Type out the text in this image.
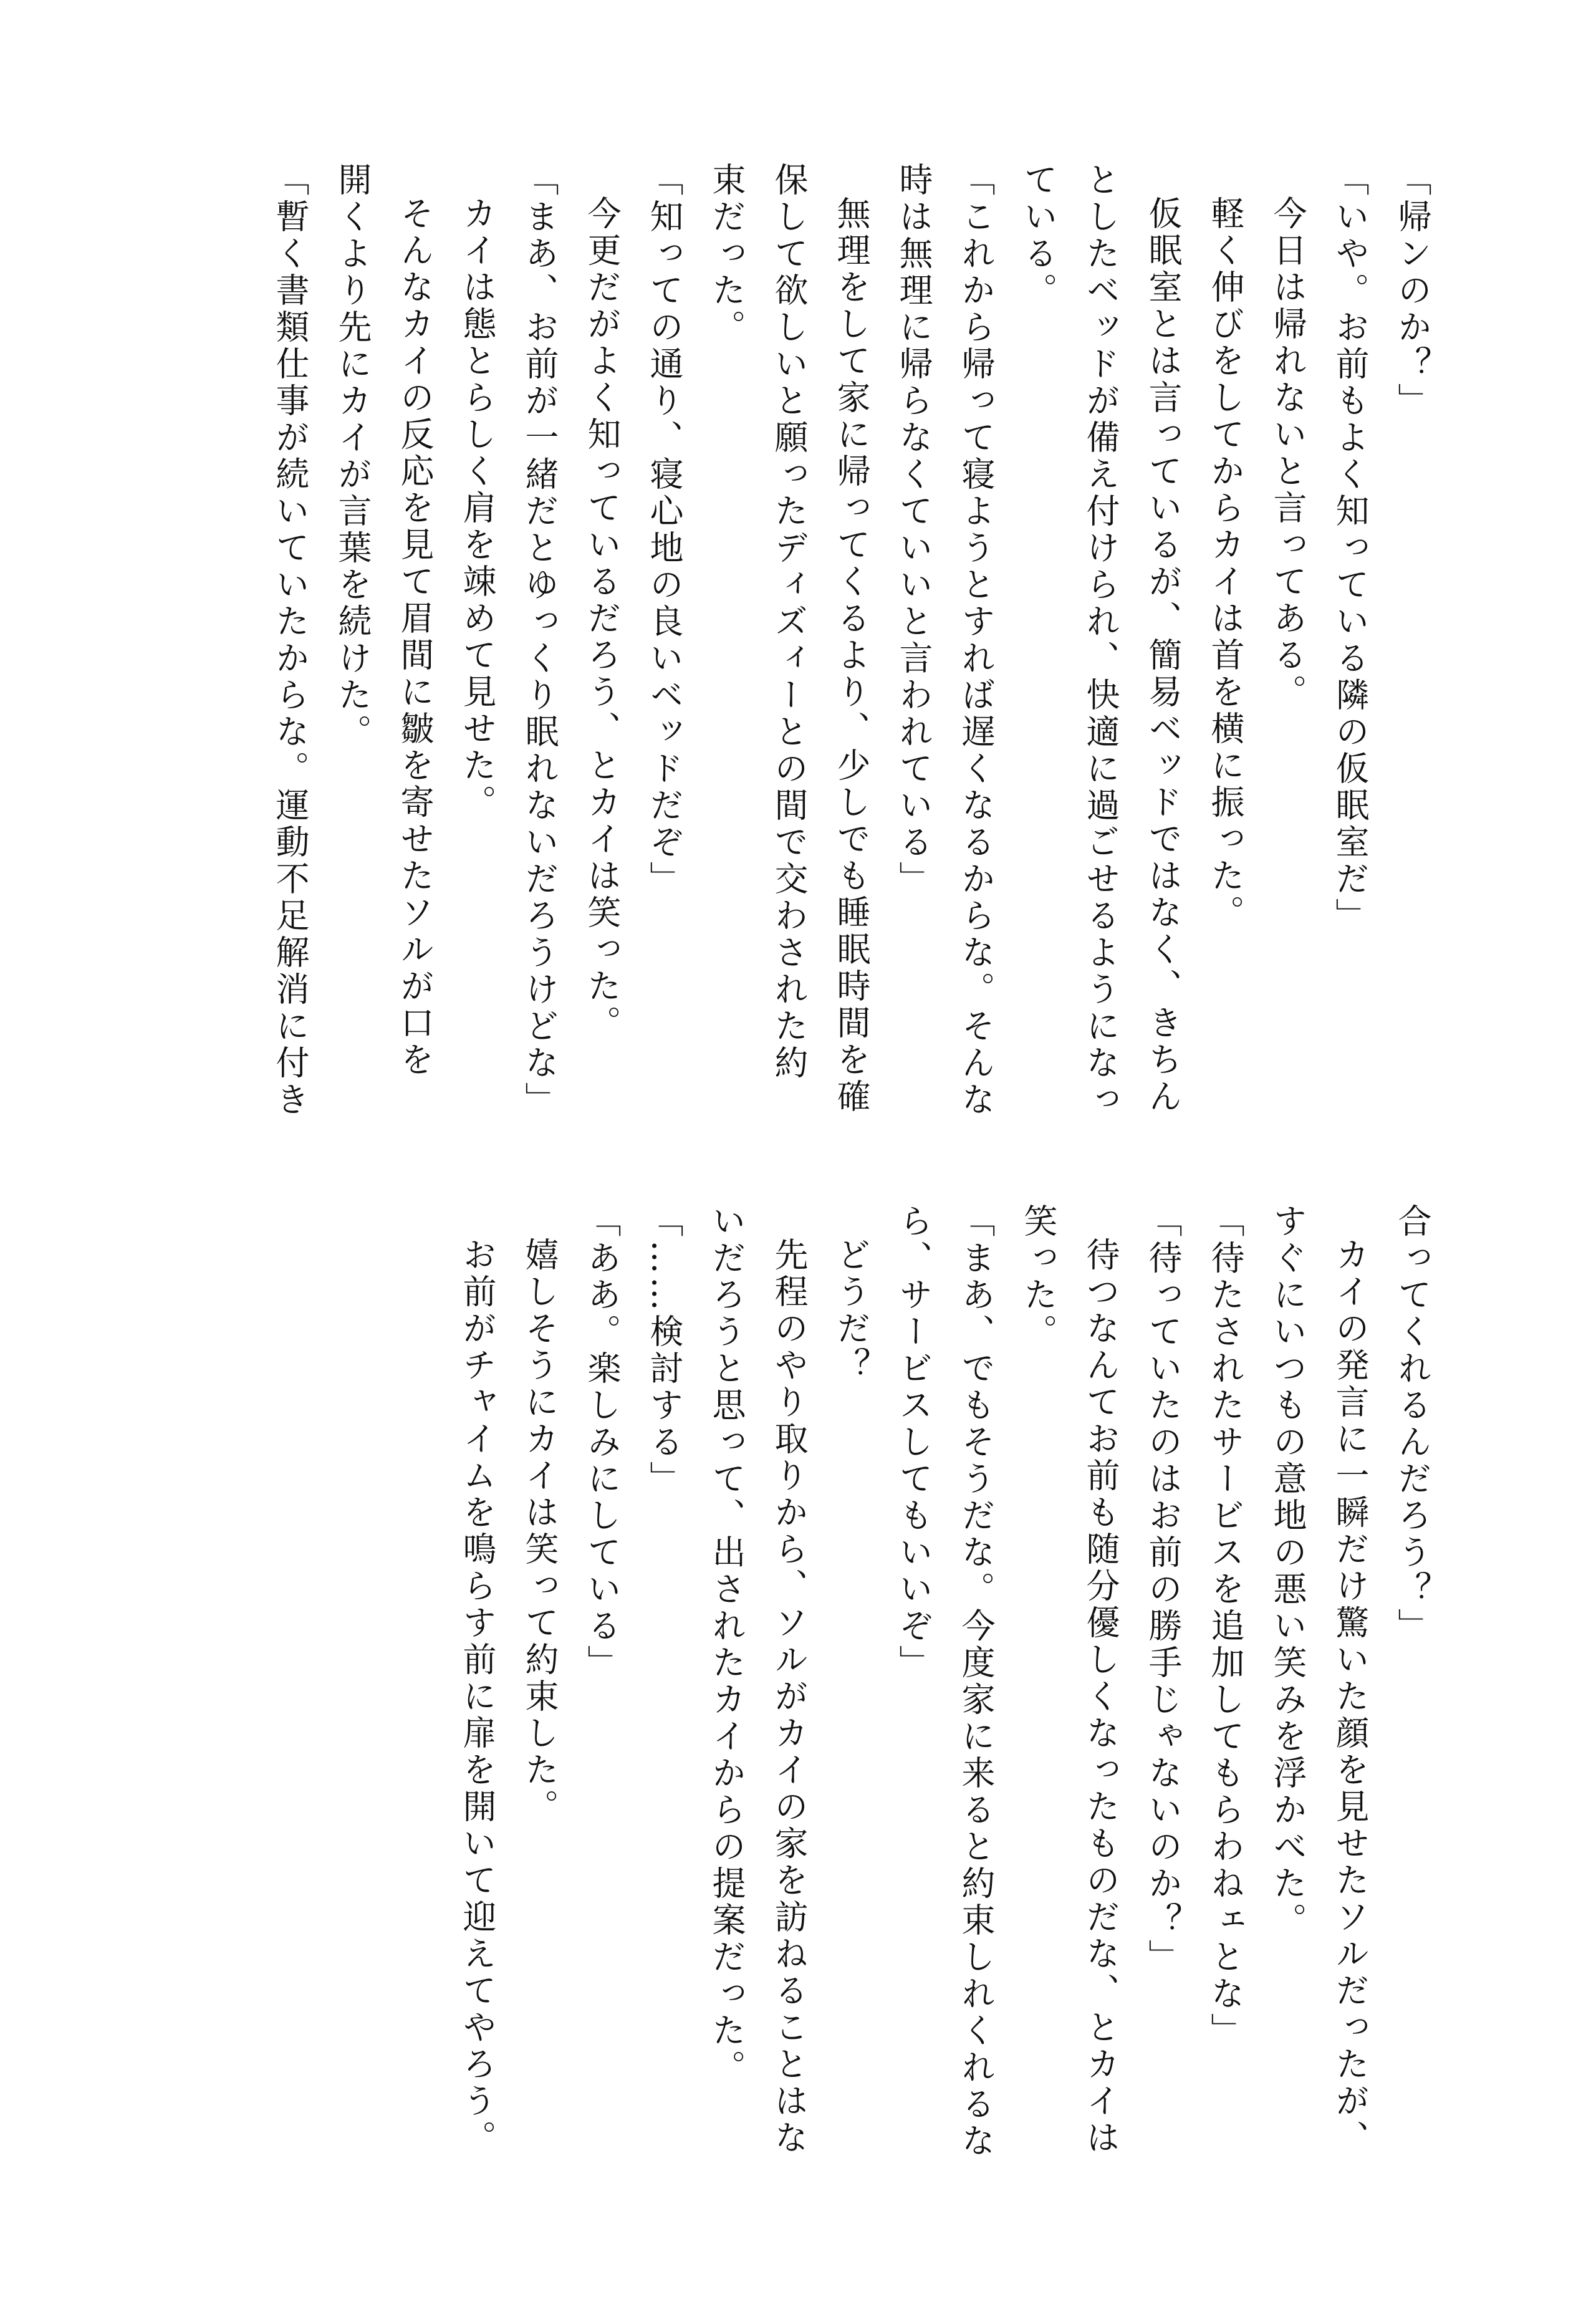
「帰ンのか？」
「いや。お前もよく知っている隣の仮眠室だ」
今日は帰れないと言ってある。
軽く伸びをしてからカイは首を横に振った。
仮眠室とは言っているが、簡易ベッドではなく、きちん
としたベッドが備え付けられ、快適に過ごせるようになっ
ている。
「これから帰って寝ようとすれば遅くなるからな。そんな
時は無理に帰らなくていいと言われている」
無理をして家に帰ってくるより、少しでも睡眠時間を確
保して欲しいと願ったディズィーとの間で交わされた約
束だった。
「知っての通り、寝心地の良いベッドだぞ」
今更だがよく知っているだろう、とカイは笑った。
「まあ、お前が一緒だとゆっくり眠れないだろうけどな」
カイは態とらしく肩を竦めて見せた。
そんなカイの反応を見て眉間に皺を寄せたソルが口を
開くより先にカイが言葉を続けた。
「暫く書類仕事が続いていたからな。運動不足解消に付き
合ってくれるんだろう？」
カイの発言に一瞬だけ驚いた顔を見せたソルだったが、
すぐにいつもの意地の悪い笑みを浮かべた。
「待たされたサービスを追加してもらわねェとな」
「待っていたのはお前の勝手じゃないのか？」
待つなんてお前も随分優しくなったものだな、とカイは
笑った。
「まあ、でもそうだな。今度家に来ると約束しれくれるな
ら、サービスしてもいいぞ」
どうだ？
先程のやり取りから、ソルがカイの家を訪ねることはな
いだろうと思って、出されたカイからの提案だった。
「……検討する」
「ああ。楽しみにしている」
嬉しそうにカイは笑って約束した。
お前がチャイムを鳴らす前に扉を開いて迎えてやろう。
